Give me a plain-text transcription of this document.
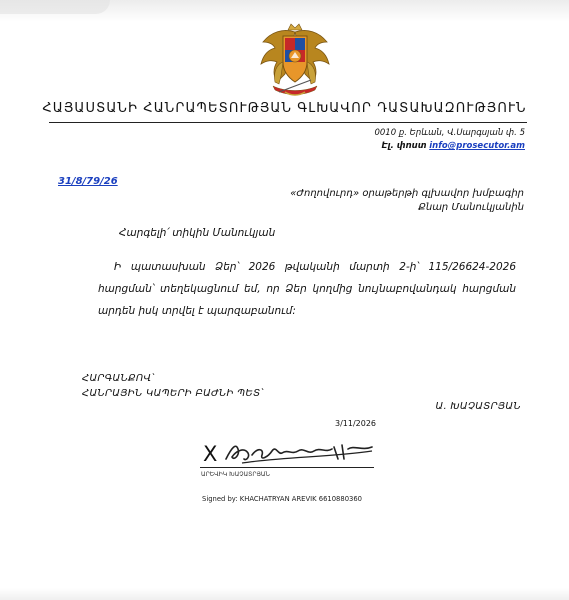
ՀԱՅԱՍՏԱՆԻ ՀԱՆՐԱՊԵՏՈՒԹՅԱՆ ԳԼԽԱՎՈՐ ԴԱՏԱԽԱԶՈՒԹՅՈՒՆ
0010 ք. Երևան, Վ.Սարգսյան փ. 5
Էլ. փոստ info@prosecutor.am
31/8/79/26
«Ժողովուրդ» օրաթերթի գլխավոր խմբագիր
Քնար Մանուկյանին
Հարգելի՛ տիկին Մանուկյան
Ի պատասխան Ձեր՝ 2026 թվականի մարտի 2-ի՝ 115/26624-2026 հարցման՝ տեղեկացնում եմ, որ Ձեր կողմից նույնաբովանդակ հարցման արդեն իսկ տրվել է պարզաբանում:
ՀԱՐԳԱՆՔՈՎ՝
ՀԱՆՐԱՅԻՆ ԿԱՊԵՐԻ ԲԱԺՆԻ ՊԵՏ՝
Ա. ԽԱՉԱՏՐՅԱՆ
3/11/2026
X
ԱՐԵՎԻԿ ԽԱՉԱՏՐՅԱՆ
Signed by: KHACHATRYAN AREVIK 6610880360
